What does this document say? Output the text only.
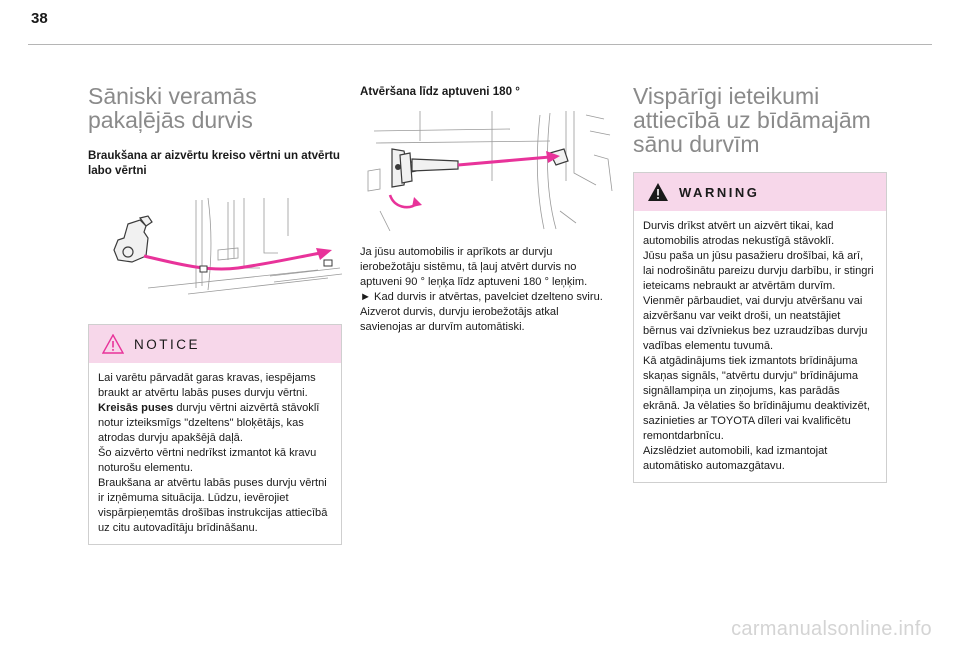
38
Sāniski veramās pakaļējās durvis
Braukšana ar aizvērtu kreiso vērtni un atvērtu labo vērtni
NOTICE

Lai varētu pārvadāt garas kravas, iespējams braukt ar atvērtu labās puses durvju vērtni.

Kreisās puses durvju vērtni aizvērtā stāvoklī notur izteiksmīgs "dzeltens" bloķētājs, kas atrodas durvju apakšējā daļā.

Šo aizvērto vērtni nedrīkst izmantot kā kravu noturošu elementu.

Braukšana ar atvērtu labās puses durvju vērtni ir izņēmuma situācija. Lūdzu, ievērojiet vispārpieņemtās drošības instrukcijas attiecībā uz citu autovadītāju brīdināšanu.

Atvēršana līdz aptuveni 180 °

Ja jūsu automobilis ir aprīkots ar durvju ierobežotāju sistēmu, tā ļauj atvērt durvis no aptuveni 90 ° leņķa līdz aptuveni 180 ° leņķim.

► Kad durvis ir atvērtas, pavelciet dzelteno sviru.

Aizverot durvis, durvju ierobežotājs atkal savienojas ar durvīm automātiski.

Vispārīgi ieteikumi attiecībā uz bīdāmajām sānu durvīm
WARNING

Durvis drīkst atvērt un aizvērt tikai, kad automobilis atrodas nekustīgā stāvoklī.

Jūsu paša un jūsu pasažieru drošībai, kā arī, lai nodrošinātu pareizu durvju darbību, ir stingri ieteicams nebraukt ar atvērtām durvīm.

Vienmēr pārbaudiet, vai durvju atvēršanu vai aizvēršanu var veikt droši, un neatstājiet bērnus vai dzīvniekus bez uzraudzības durvju vadības elementu tuvumā.

Kā atgādinājums tiek izmantots brīdinājuma skaņas signāls, "atvērtu durvju" brīdinājuma signāllampiņa un ziņojums, kas parādās ekrānā. Ja vēlaties šo brīdinājumu deaktivizēt, sazinieties ar TOYOTA dīleri vai kvalificētu remontdarbnīcu.

Aizslēdziet automobili, kad izmantojat automātisko automazgātavu.

carmanualsonline.info
